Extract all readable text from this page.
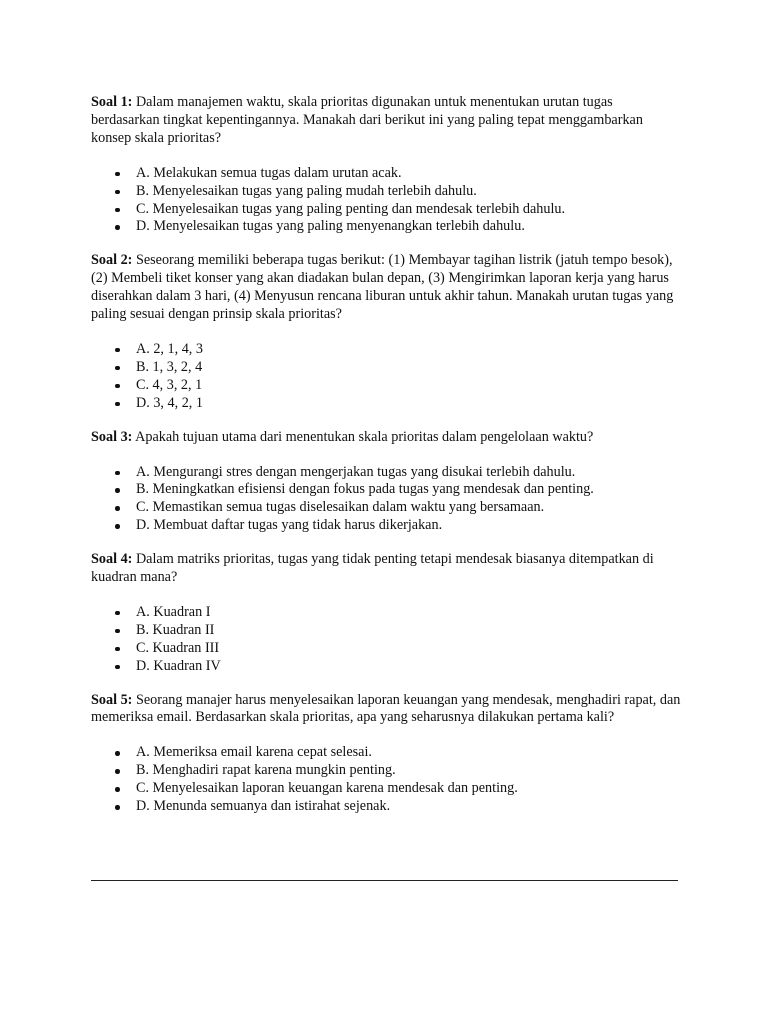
Soal 1: Dalam manajemen waktu, skala prioritas digunakan untuk menentukan urutan tugas berdasarkan tingkat kepentingannya. Manakah dari berikut ini yang paling tepat menggambarkan konsep skala prioritas?

A. Melakukan semua tugas dalam urutan acak.
B. Menyelesaikan tugas yang paling mudah terlebih dahulu.
C. Menyelesaikan tugas yang paling penting dan mendesak terlebih dahulu.
D. Menyelesaikan tugas yang paling menyenangkan terlebih dahulu.

Soal 2: Seseorang memiliki beberapa tugas berikut: (1) Membayar tagihan listrik (jatuh tempo besok), (2) Membeli tiket konser yang akan diadakan bulan depan, (3) Mengirimkan laporan kerja yang harus diserahkan dalam 3 hari, (4) Menyusun rencana liburan untuk akhir tahun. Manakah urutan tugas yang paling sesuai dengan prinsip skala prioritas?

A. 2, 1, 4, 3
B. 1, 3, 2, 4
C. 4, 3, 2, 1
D. 3, 4, 2, 1

Soal 3: Apakah tujuan utama dari menentukan skala prioritas dalam pengelolaan waktu?

A. Mengurangi stres dengan mengerjakan tugas yang disukai terlebih dahulu.
B. Meningkatkan efisiensi dengan fokus pada tugas yang mendesak dan penting.
C. Memastikan semua tugas diselesaikan dalam waktu yang bersamaan.
D. Membuat daftar tugas yang tidak harus dikerjakan.

Soal 4: Dalam matriks prioritas, tugas yang tidak penting tetapi mendesak biasanya ditempatkan di kuadran mana?

A. Kuadran I
B. Kuadran II
C. Kuadran III
D. Kuadran IV

Soal 5: Seorang manajer harus menyelesaikan laporan keuangan yang mendesak, menghadiri rapat, dan memeriksa email. Berdasarkan skala prioritas, apa yang seharusnya dilakukan pertama kali?

A. Memeriksa email karena cepat selesai.
B. Menghadiri rapat karena mungkin penting.
C. Menyelesaikan laporan keuangan karena mendesak dan penting.
D. Menunda semuanya dan istirahat sejenak.
